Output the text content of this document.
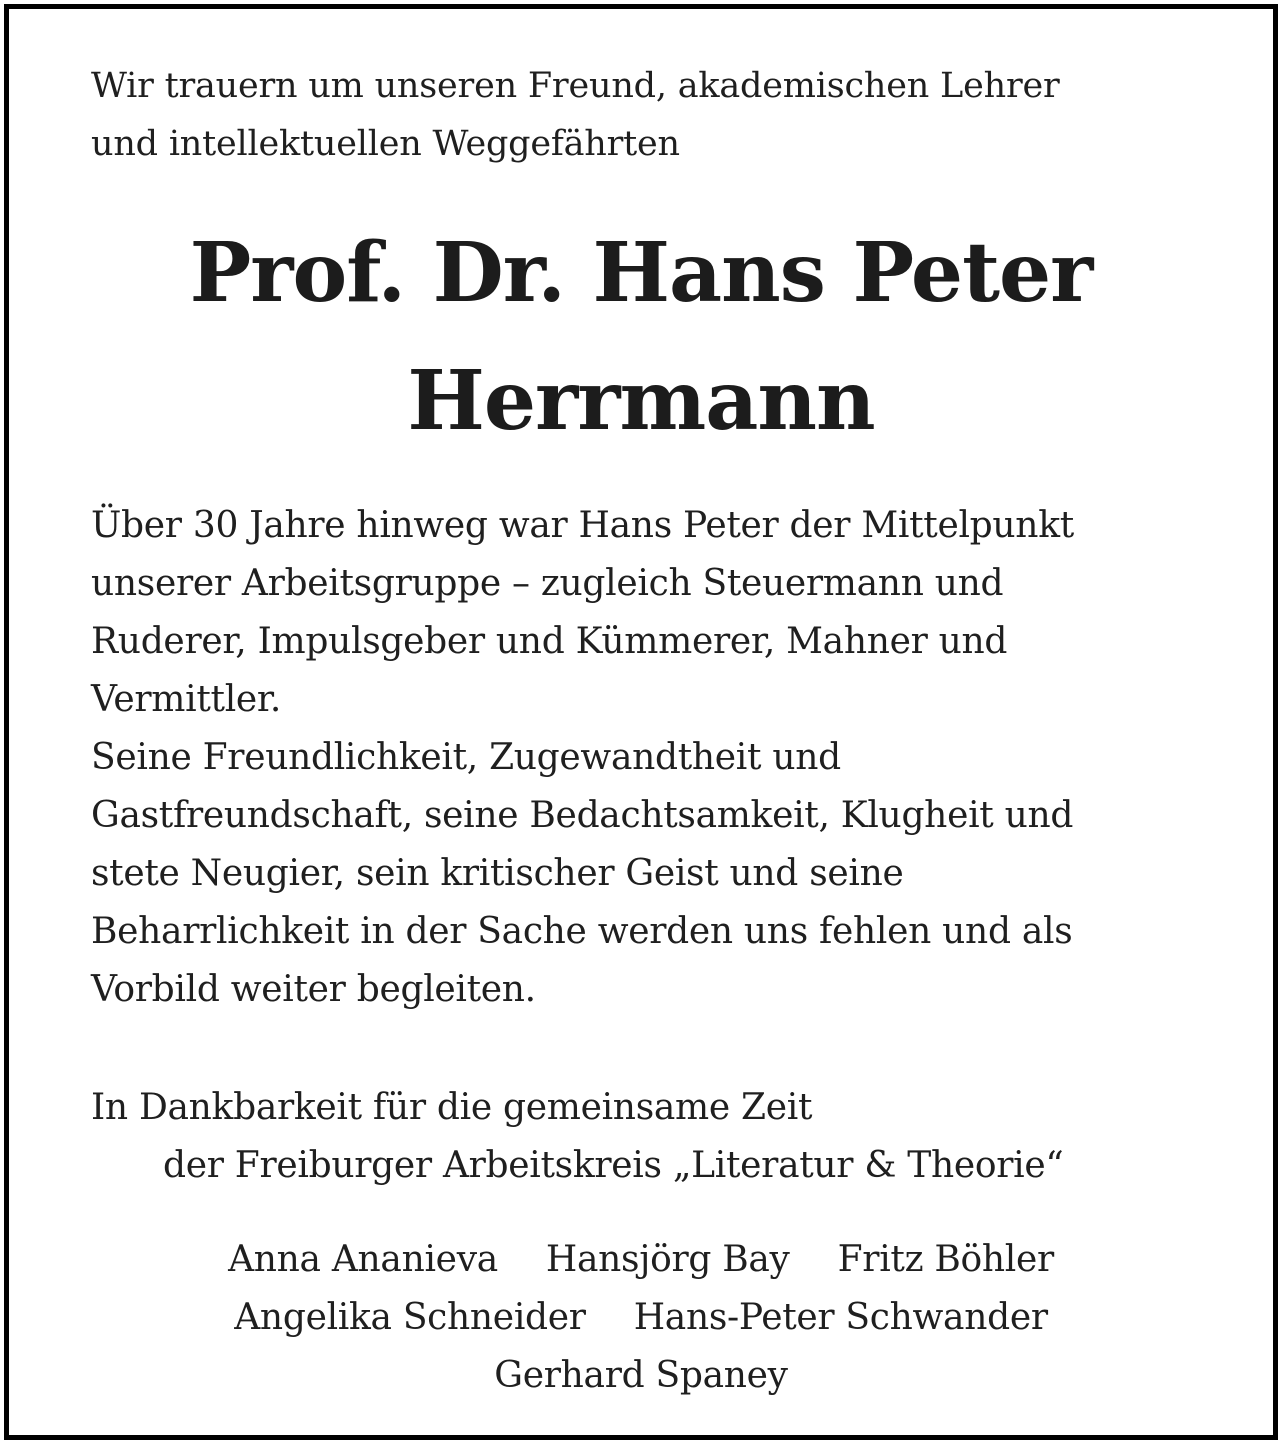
Wir trauern um unseren Freund, akademischen Lehrer
und intellektuellen Weggefährten
Prof. Dr. Hans Peter
Herrmann
Über 30 Jahre hinweg war Hans Peter der Mittelpunkt
unserer Arbeitsgruppe – zugleich Steuermann und
Ruderer, Impulsgeber und Kümmerer, Mahner und
Vermittler.
Seine Freundlichkeit, Zugewandtheit und
Gastfreundschaft, seine Bedachtsamkeit, Klugheit und
stete Neugier, sein kritischer Geist und seine
Beharrlichkeit in der Sache werden uns fehlen und als
Vorbild weiter begleiten.
In Dankbarkeit für die gemeinsame Zeit
der Freiburger Arbeitskreis „Literatur & Theorie“
Anna Ananieva Hansjörg Bay Fritz Böhler
Angelika Schneider Hans-Peter Schwander
Gerhard Spaney
